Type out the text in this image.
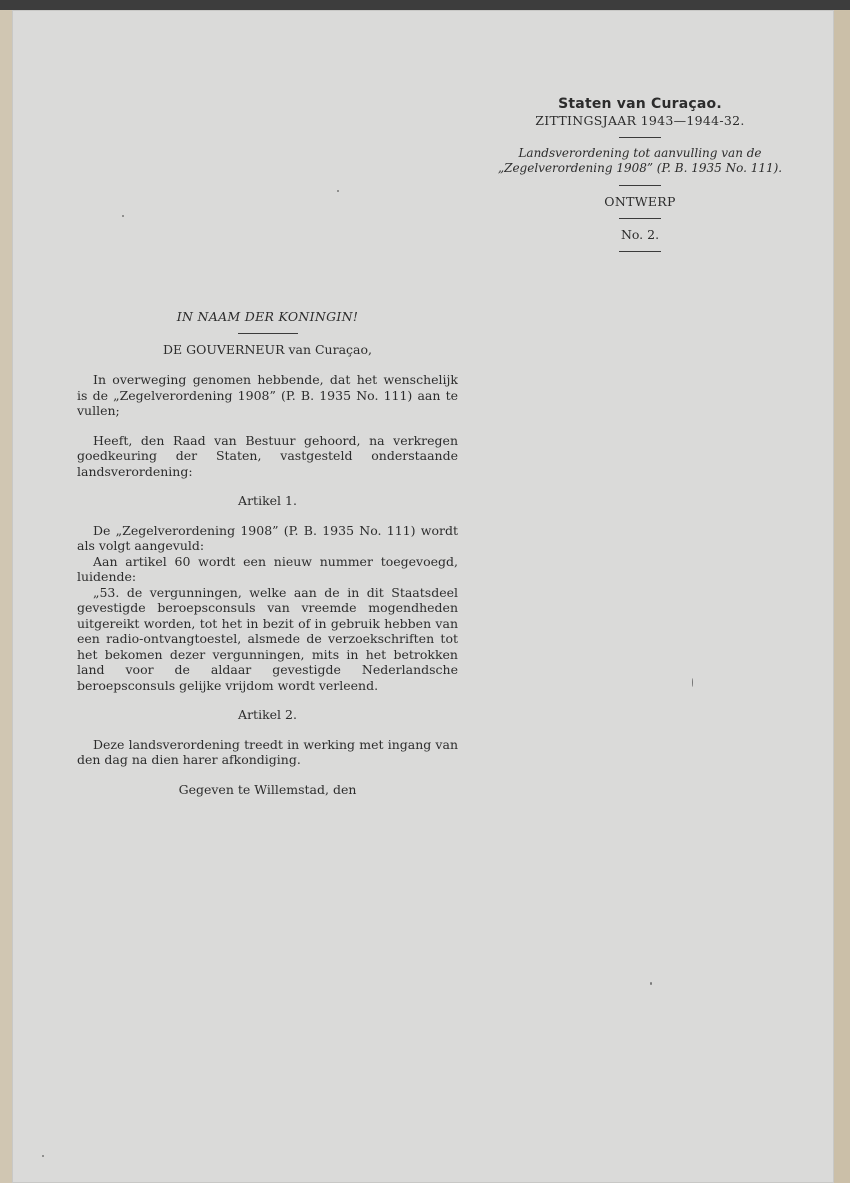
Staten van Curaçao.

ZITTINGSJAAR 1943—1944-32.

Landsverordening tot aanvulling van de „Zegelverordening 1908” (P. B. 1935 No. 111).

ONTWERP

No. 2.

IN NAAM DER KONINGIN!

DE GOUVERNEUR van Curaçao,

In overweging genomen hebbende, dat het wenschelijk is de „Zegelverordening 1908” (P. B. 1935 No. 111) aan te vullen;

Heeft, den Raad van Bestuur gehoord, na verkregen goedkeuring der Staten, vastgesteld onderstaande landsverordening:

Artikel 1.

De „Zegelverordening 1908” (P. B. 1935 No. 111) wordt als volgt aangevuld:

Aan artikel 60 wordt een nieuw nummer toegevoegd, luidende:

„53. de vergunningen, welke aan de in dit Staatsdeel gevestigde beroepsconsuls van vreemde mogendheden uitgereikt worden, tot het in bezit of in gebruik hebben van een radio-ontvangtoestel, alsmede de verzoekschriften tot het bekomen dezer vergunningen, mits in het betrokken land voor de aldaar gevestigde Nederlandsche beroepsconsuls gelijke vrijdom wordt verleend.

Artikel 2.

Deze landsverordening treedt in werking met ingang van den dag na dien harer afkondiging.

Gegeven te Willemstad, den
